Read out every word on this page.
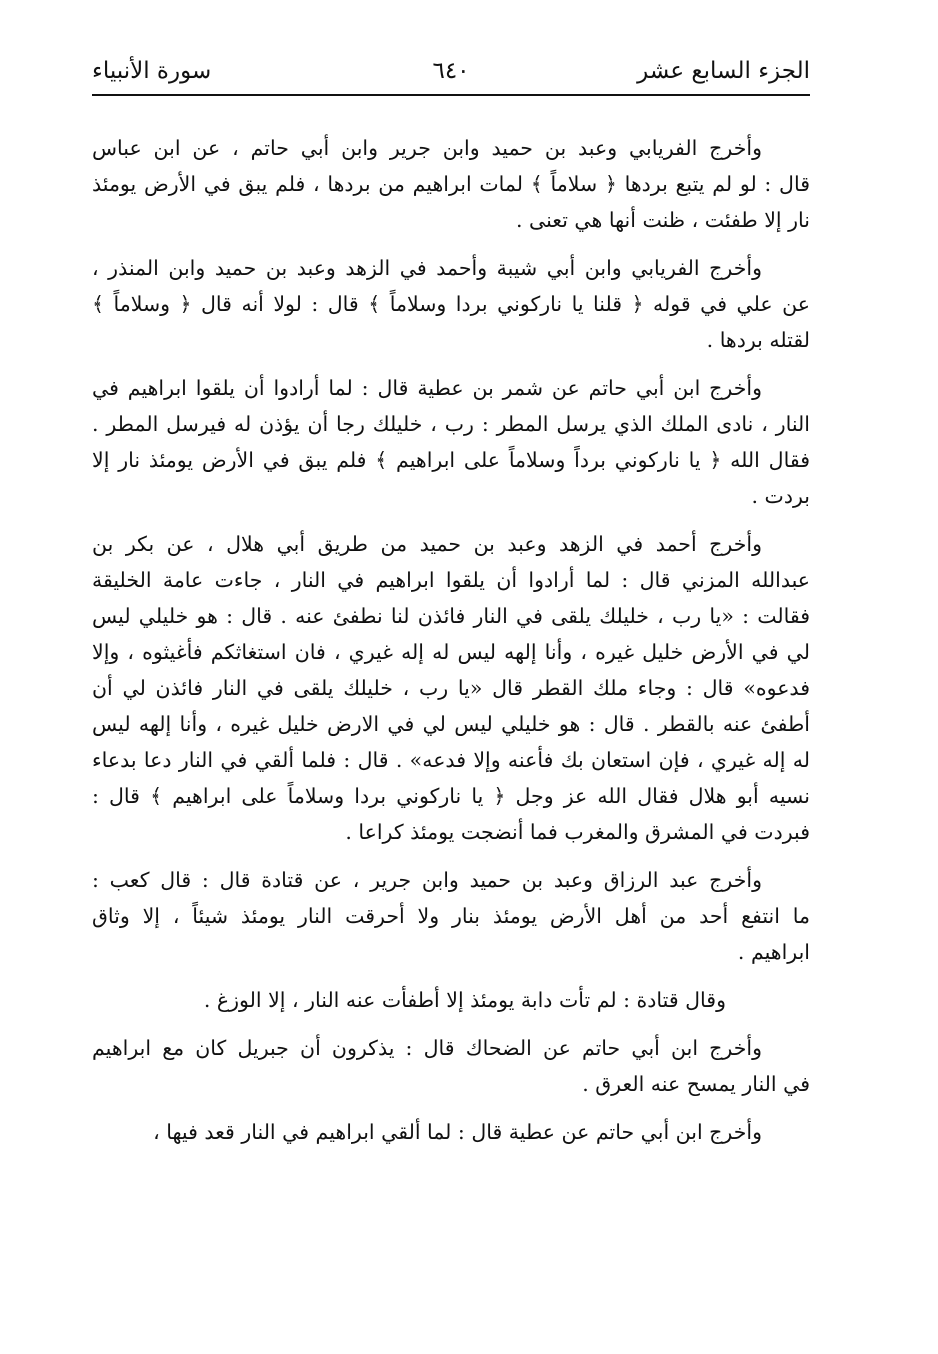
الجزء السابع عشر
٦٤٠
سورة الأنبياء
وأخرج الفريابي وعبد بن حميد وابن جرير وابن أبي حاتم ، عن ابن عباس
قال : لو لم يتبع بردها ﴿ سلاماً ﴾ لمات ابراهيم من بردها ، فلم يبق في الأرض يومئذ
نار إلا طفئت ، ظنت أنها هي تعنى .
وأخرج الفريابي وابن أبي شيبة وأحمد في الزهد وعبد بن حميد وابن المنذر ،
عن علي في قوله ﴿ قلنا يا ناركوني بردا وسلاماً ﴾ قال : لولا أنه قال ﴿ وسلاماً ﴾
لقتله بردها .
وأخرج ابن أبي حاتم عن شمر بن عطية قال : لما أرادوا أن يلقوا ابراهيم في
النار ، نادى الملك الذي يرسل المطر : رب ، خليلك رجا أن يؤذن له فيرسل المطر .
فقال الله ﴿ يا ناركوني برداً وسلاماً على ابراهيم ﴾ فلم يبق في الأرض يومئذ نار إلا
بردت .
وأخرج أحمد في الزهد وعبد بن حميد من طريق أبي هلال ، عن بكر بن
عبدالله المزني قال : لما أرادوا أن يلقوا ابراهيم في النار ، جاءت عامة الخليقة
فقالت : «يا رب ، خليلك يلقى في النار فائذن لنا نطفئ عنه . قال : هو خليلي ليس
لي في الأرض خليل غيره ، وأنا إلهه ليس له إله غيري ، فان استغاثكم فأغيثوه ، وإلا
فدعوه» قال : وجاء ملك القطر قال «يا رب ، خليلك يلقى في النار فائذن لي أن
أطفئ عنه بالقطر . قال : هو خليلي ليس لي في الارض خليل غيره ، وأنا إلهه ليس
له إله غيري ، فإن استعان بك فأعنه وإلا فدعه» . قال : فلما ألقي في النار دعا بدعاء
نسيه أبو هلال فقال الله عز وجل ﴿ يا ناركوني بردا وسلاماً على ابراهيم ﴾ قال :
فبردت في المشرق والمغرب فما أنضجت يومئذ كراعا .
وأخرج عبد الرزاق وعبد بن حميد وابن جرير ، عن قتادة قال : قال كعب :
ما انتفع أحد من أهل الأرض يومئذ بنار ولا أحرقت النار يومئذ شيئاً ، إلا وثاق
ابراهيم .
وقال قتادة : لم تأت دابة يومئذ إلا أطفأت عنه النار ، إلا الوزغ .
وأخرج ابن أبي حاتم عن الضحاك قال : يذكرون أن جبريل كان مع ابراهيم
في النار يمسح عنه العرق .
وأخرج ابن أبي حاتم عن عطية قال : لما ألقي ابراهيم في النار قعد فيها ،
